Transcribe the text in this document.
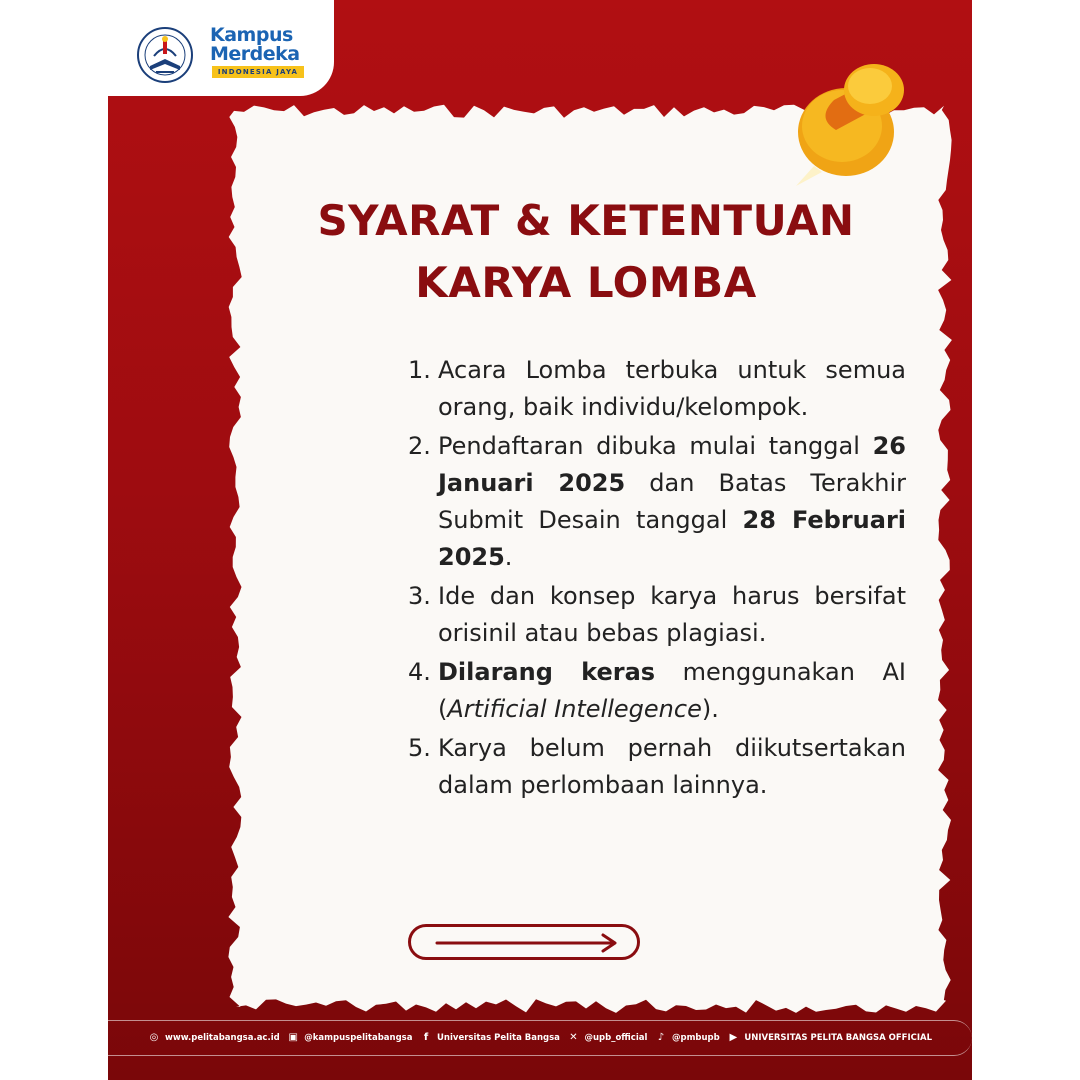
Kampus
Merdeka
INDONESIA JAYA
SYARAT & KETENTUAN
KARYA LOMBA
1. Acara Lomba terbuka untuk semua orang, baik individu/kelompok.
2. Pendaftaran dibuka mulai tanggal 26 Januari 2025 dan Batas Terakhir Submit Desain tanggal 28 Februari 2025.
3. Ide dan konsep karya harus bersifat orisinil atau bebas plagiasi.
4. Dilarang keras menggunakan AI (Artificial Intellegence).
5. Karya belum pernah diikutsertakan dalam perlombaan lainnya.
◎ www.pelitabangsa.ac.id ▣ @kampuspelitabangsa	f	Universitas Pelita Bangsa ✕ @upb_official ♪ @pmbupb ▶ UNIVERSITAS PELITA BANGSA OFFICIAL
